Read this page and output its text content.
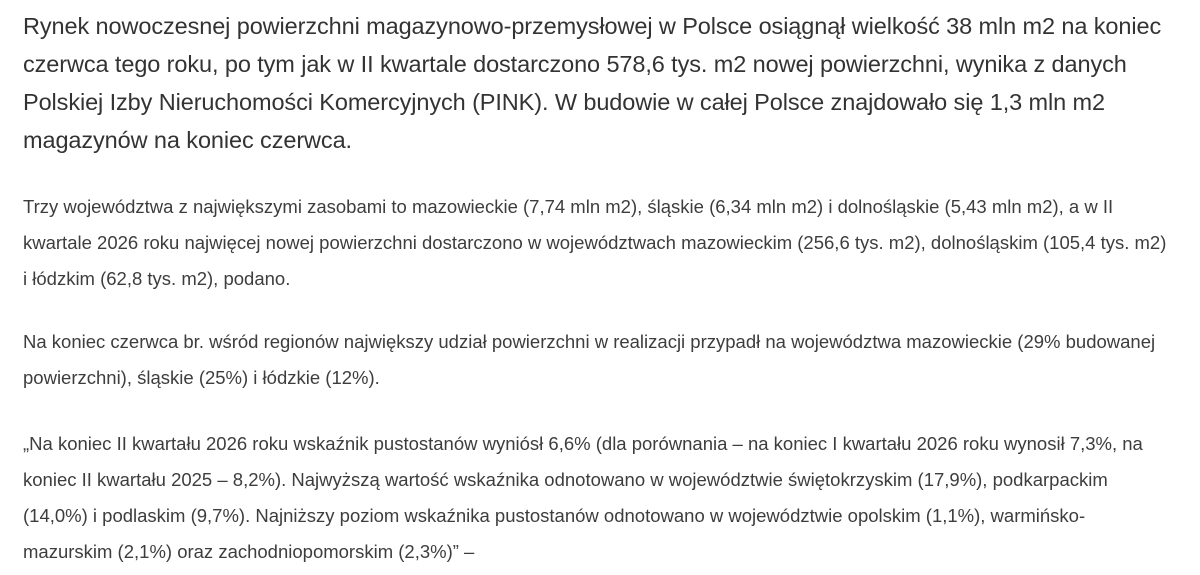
Rynek nowoczesnej powierzchni magazynowo-przemysłowej w Polsce osiągnął wielkość 38 mln m2 na koniec czerwca tego roku, po tym jak w II kwartale dostarczono 578,6 tys. m2 nowej powierzchni, wynika z danych Polskiej Izby Nieruchomości Komercyjnych (PINK). W budowie w całej Polsce znajdowało się 1,3 mln m2 magazynów na koniec czerwca.

Trzy województwa z największymi zasobami to mazowieckie (7,74 mln m2), śląskie (6,34 mln m2) i dolnośląskie (5,43 mln m2), a w II kwartale 2026 roku najwięcej nowej powierzchni dostarczono w województwach mazowieckim (256,6 tys. m2), dolnośląskim (105,4 tys. m2) i łódzkim (62,8 tys. m2), podano.

Na koniec czerwca br. wśród regionów największy udział powierzchni w realizacji przypadł na województwa mazowieckie (29% budowanej powierzchni), śląskie (25%) i łódzkie (12%).

„Na koniec II kwartału 2026 roku wskaźnik pustostanów wyniósł 6,6% (dla porównania – na koniec I kwartału 2026 roku wynosił 7,3%, na koniec II kwartału 2025 – 8,2%). Najwyższą wartość wskaźnika odnotowano w województwie świętokrzyskim (17,9%), podkarpackim (14,0%) i podlaskim (9,7%). Najniższy poziom wskaźnika pustostanów odnotowano w województwie opolskim (1,1%), warmińsko-mazurskim (2,1%) oraz zachodniopomorskim (2,3%)” –
